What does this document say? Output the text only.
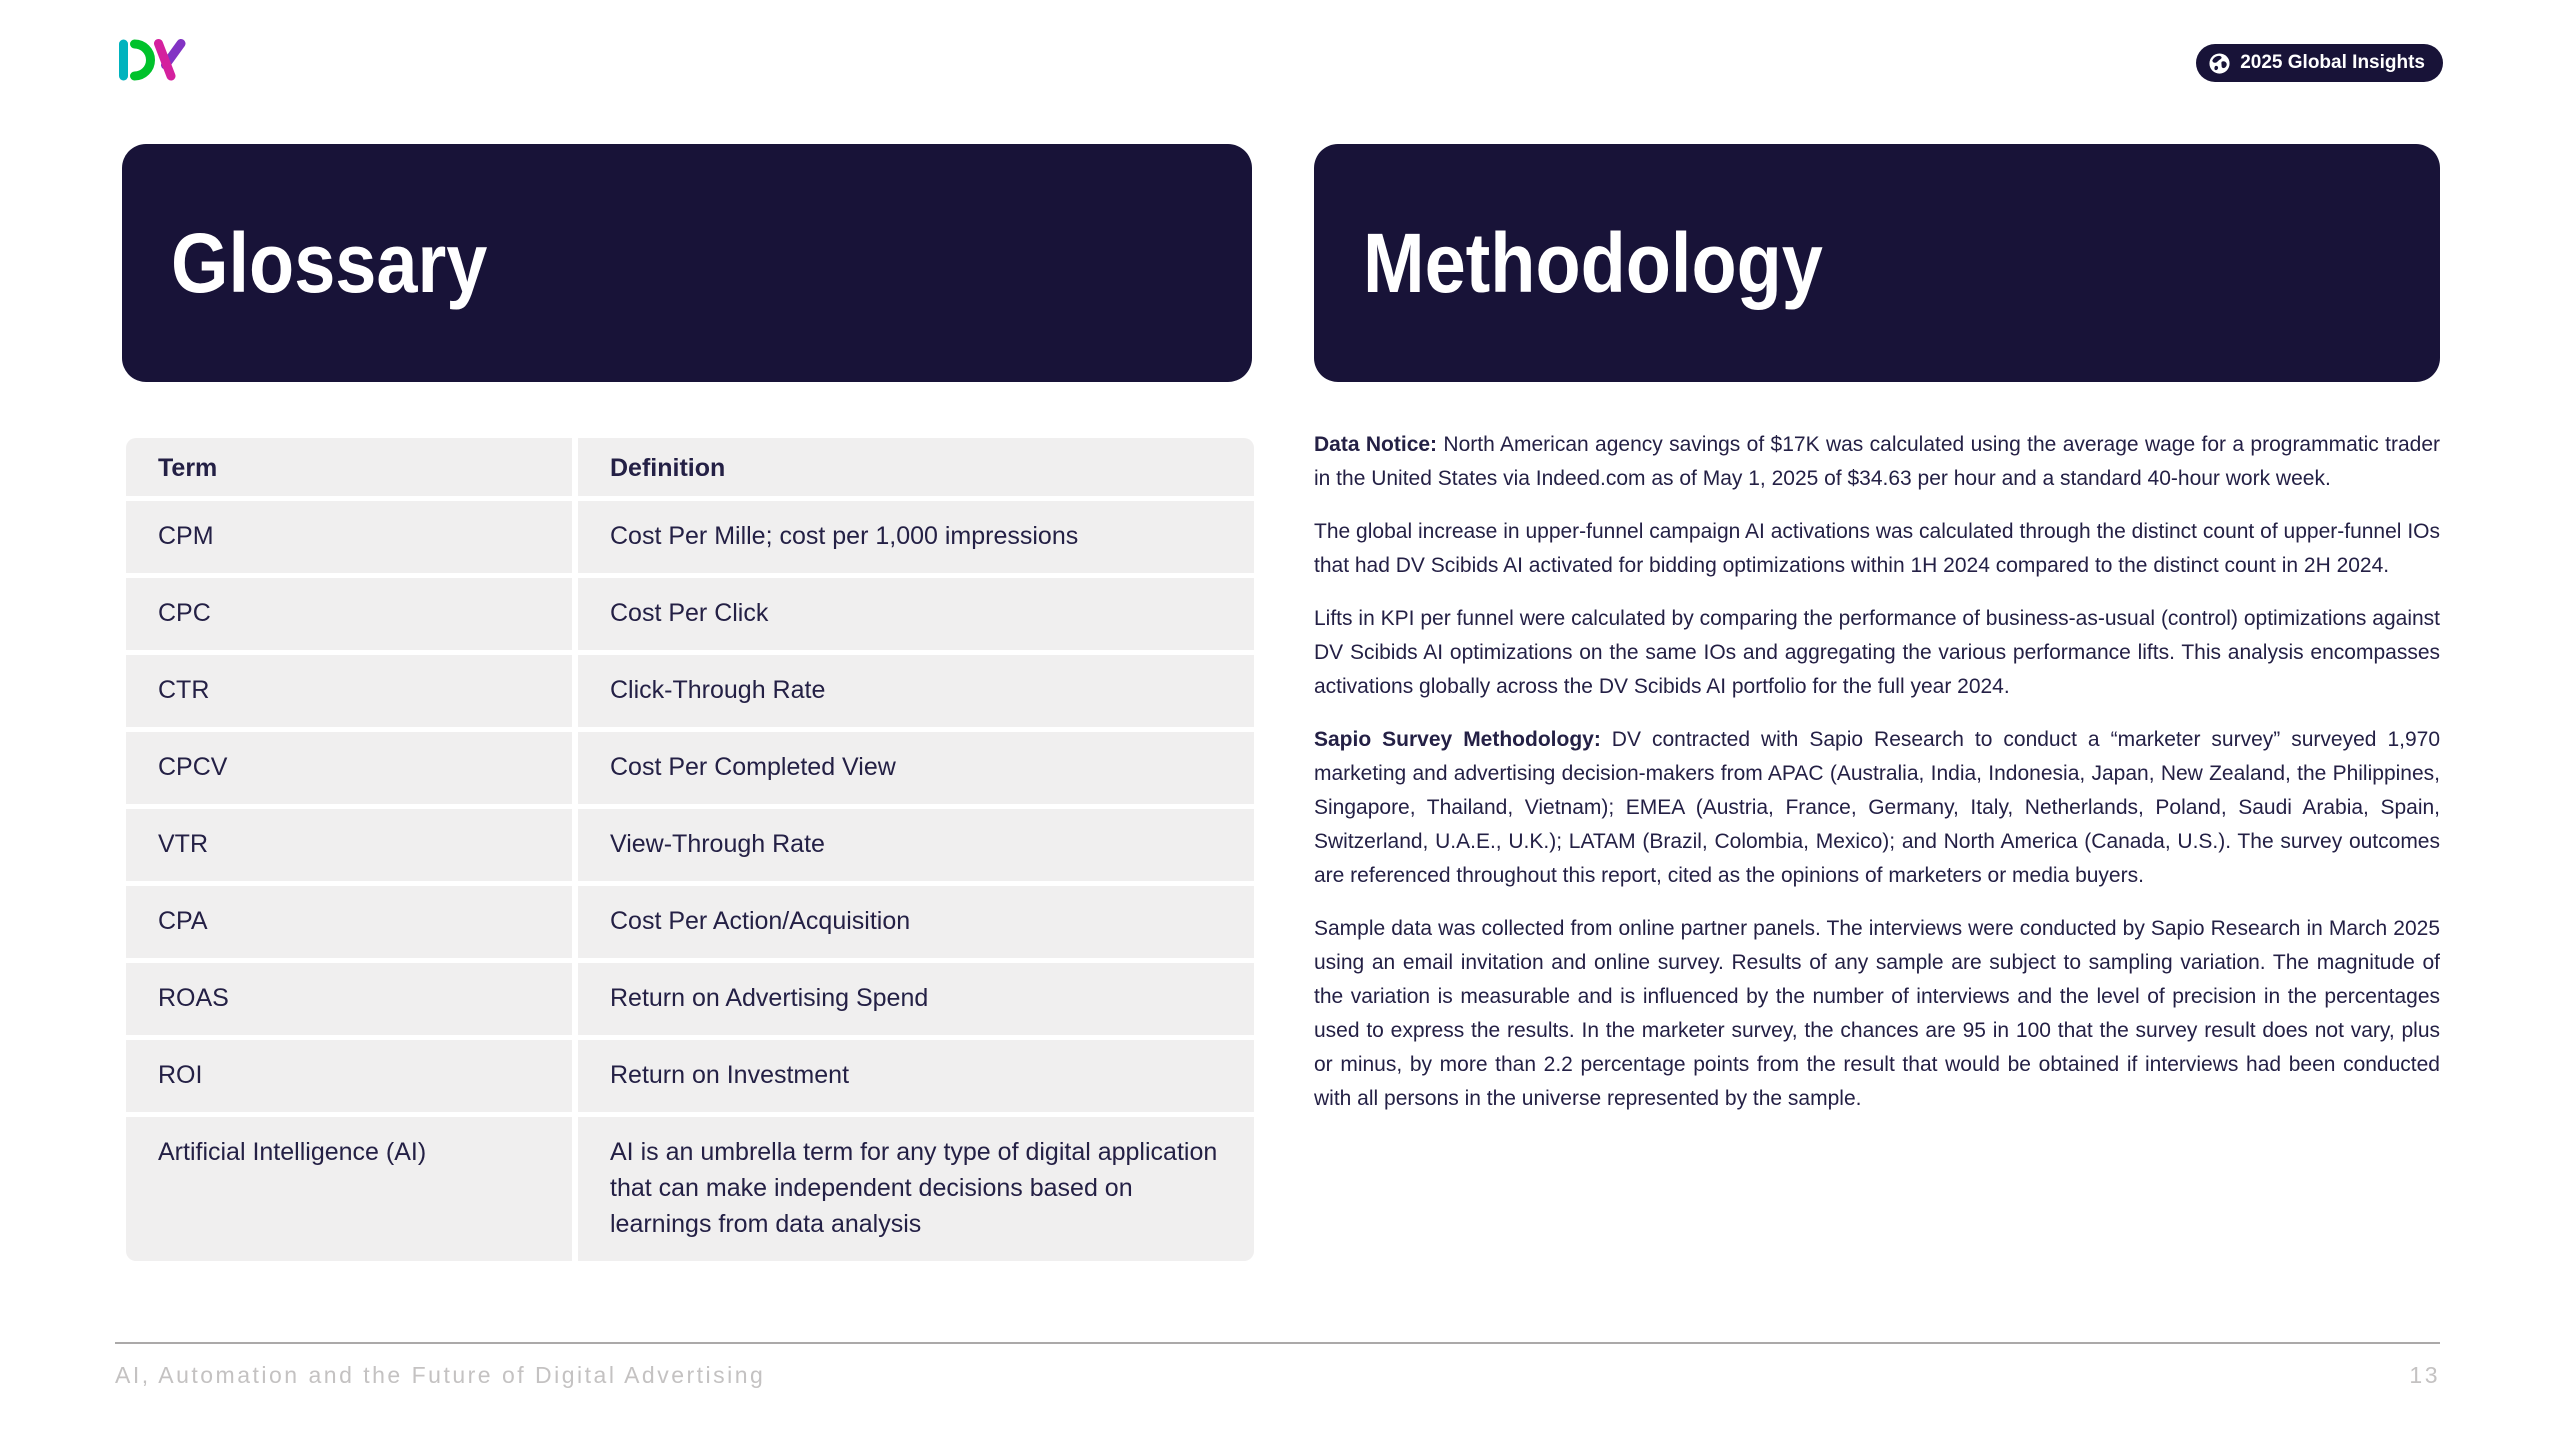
2025 Global Insights
Glossary	Methodology
Term	Definition
CPM	Cost Per Mille; cost per 1,000 impressions
CPC	Cost Per Click
CTR	Click-Through Rate
CPCV	Cost Per Completed View
VTR	View-Through Rate
CPA	Cost Per Action/Acquisition
ROAS	Return on Advertising Spend
ROI	Return on Investment
Artificial Intelligence (AI)	AI is an umbrella term for any type of digital application that can make independent decisions based on learnings from data analysis

Data Notice: North American agency savings of $17K was calculated using the average wage for a programmatic trader in the United States via Indeed.com as of May 1, 2025 of $34.63 per hour and a standard 40-hour work week.

The global increase in upper-funnel campaign AI activations was calculated through the distinct count of upper-funnel IOs that had DV Scibids AI activated for bidding optimizations within 1H 2024 compared to the distinct count in 2H 2024.

Lifts in KPI per funnel were calculated by comparing the performance of business-as-usual (control) optimizations against DV Scibids AI optimizations on the same IOs and aggregating the various performance lifts. This analysis encompasses activations globally across the DV Scibids AI portfolio for the full year 2024.

Sapio Survey Methodology: DV contracted with Sapio Research to conduct a “marketer survey” surveyed 1,970 marketing and advertising decision-makers from APAC (Australia, India, Indonesia, Japan, New Zealand, the Philippines, Singapore, Thailand, Vietnam); EMEA (Austria, France, Germany, Italy, Netherlands, Poland, Saudi Arabia, Spain, Switzerland, U.A.E., U.K.); LATAM (Brazil, Colombia, Mexico); and North America (Canada, U.S.). The survey outcomes are referenced throughout this report, cited as the opinions of marketers or media buyers.

Sample data was collected from online partner panels. The interviews were conducted by Sapio Research in March 2025 using an email invitation and online survey. Results of any sample are subject to sampling variation. The magnitude of the variation is measurable and is influenced by the number of interviews and the level of precision in the percentages used to express the results. In the marketer survey, the chances are 95 in 100 that the survey result does not vary, plus or minus, by more than 2.2 percentage points from the result that would be obtained if interviews had been conducted with all persons in the universe represented by the sample.

AI, Automation and the Future of Digital Advertising	13
